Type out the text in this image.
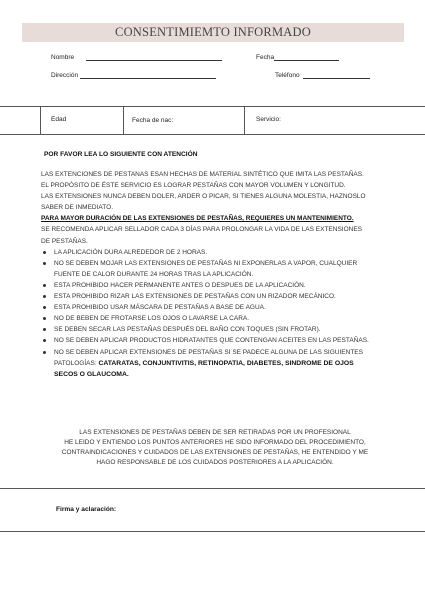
CONSENTIMIEMTO INFORMADO
Nombre	Fecha
Dirección	Teléfono
Edad	Fecha de nac:	Servicio:
POR FAVOR LEA LO SIGUIENTE CON ATENCIÓN

LAS EXTENCIONES DE PESTANAS ESAN HECHAS DE MATERIAL SINTÉTICO QUE IMITA LAS PESTAÑAS.

EL PROPÓSITO DE ÉSTE SERVICIO ES LOGRAR PESTAÑAS CON MAYOR VOLUMEN Y LONGITUD.

LAS EXTENSIONES NUNCA DEBEN DOLER, ARDER O PICAR, SI TIENES ALGUNA MOLESTIA, HAZNOSLO SABER DE INMEDIATO.

PARA MAYOR DURACIÓN DE LAS EXTENSIONES DE PESTAÑAS, REQUIERES UN MANTENIMIENTO.

SE RECOMENDA APLICAR SELLADOR CADA 3 DÍAS PARA PROLONGAR LA VIDA DE LAS EXTENSIONES DE PESTAÑAS.

LA APLICACIÓN DURA ALREDEDOR DE 2 HORAS.
NO SE DEBEN MOJAR LAS EXTENSIONES DE PESTAÑAS NI EXPONERLAS A VAPOR, CUALQUIER FUENTE DE CALOR DURANTE 24 HORAS TRAS LA APLICACIÓN.
ESTA PROHIBIDO HACER PERMANENTE ANTES O DESPUES DE LA APLICACIÓN.
ESTA PROHIBIDO RIZAR LAS EXTENSIONES DE PESTAÑAS CON UN RIZADOR MECÁNICO.
ESTA PROHIBIDO USAR MÁSCARA DE PESTAÑAS A BASE DE AGUA.
NO DE BEBEN DE FROTARSE LOS OJOS O LAVARSE LA CARA.
SE DEBEN SECAR LAS PESTAÑAS DESPUÉS DEL BAÑO CON TOQUES (SIN FROTAR).
NO SE DEBEN APLICAR PRODUCTOS HIDRATANTES QUE CONTENGAN ACEITES EN LAS PESTAÑAS.
NO SE DEBEN APLICAR EXTENSIONES DE PESTAÑAS SI SE PADECE ALGUNA DE LAS SIGUIENTES PATOLOGÍAS: CATARATAS, CONJUNTIVITIS, RETINOPATIA, DIABETES, SINDROME DE OJOS SECOS O GLAUCOMA.

LAS EXTENSIONES DE PESTAÑAS DEBEN DE SER RETIRADAS POR UN PROFESIONAL

HE LEIDO Y ENTIENDO LOS PUNTOS ANTERIORES HE SIDO INFORMADO DEL PROCEDIMIENTO, CONTRAINDICACIONES Y CUIDADOS DE LAS EXTENSIONES DE PESTAÑAS, HE ENTENDIDO Y ME HAGO RESPONSABLE DE LOS CUIDADOS POSTERIORES A LA APLICACIÓN.

Firma y aclaración:
